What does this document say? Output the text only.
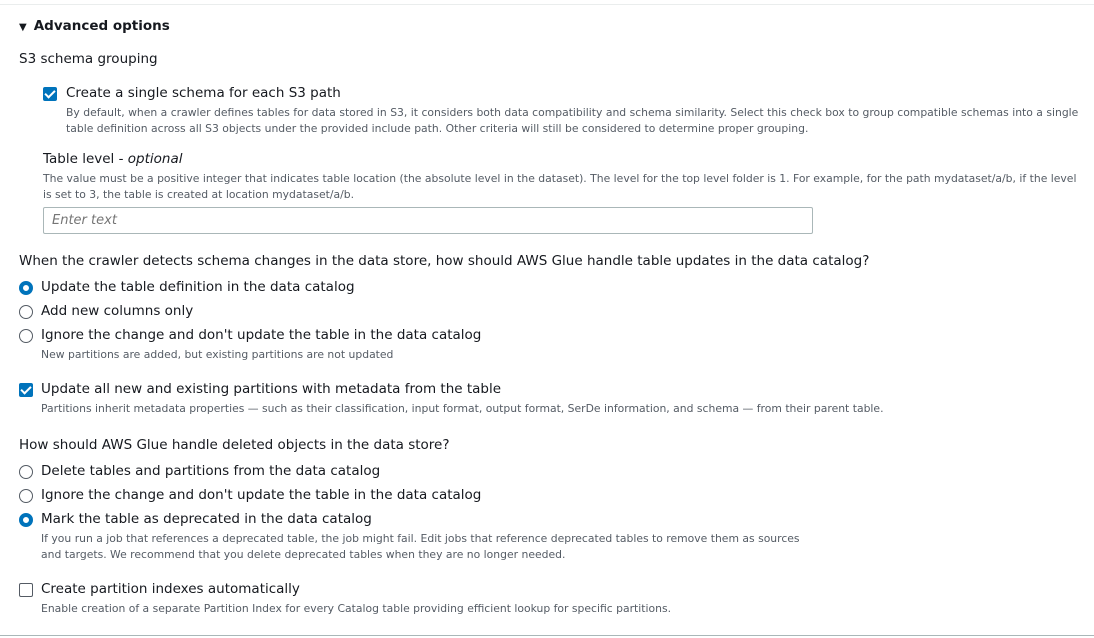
▼ Advanced options
S3 schema grouping
Create a single schema for each S3 path
By default, when a crawler defines tables for data stored in S3, it considers both data compatibility and schema similarity. Select this check box to group compatible schemas into a single table definition across all S3 objects under the provided include path. Other criteria will still be considered to determine proper grouping.
Table level - optional
The value must be a positive integer that indicates table location (the absolute level in the dataset). The level for the top level folder is 1. For example, for the path mydataset/a/b, if the level is set to 3, the table is created at location mydataset/a/b.
Enter text
When the crawler detects schema changes in the data store, how should AWS Glue handle table updates in the data catalog?
Update the table definition in the data catalog
Add new columns only
Ignore the change and don't update the table in the data catalog
New partitions are added, but existing partitions are not updated
Update all new and existing partitions with metadata from the table
Partitions inherit metadata properties — such as their classification, input format, output format, SerDe information, and schema — from their parent table.
How should AWS Glue handle deleted objects in the data store?
Delete tables and partitions from the data catalog
Ignore the change and don't update the table in the data catalog
Mark the table as deprecated in the data catalog
If you run a job that references a deprecated table, the job might fail. Edit jobs that reference deprecated tables to remove them as sources and targets. We recommend that you delete deprecated tables when they are no longer needed.
Create partition indexes automatically
Enable creation of a separate Partition Index for every Catalog table providing efficient lookup for specific partitions.
